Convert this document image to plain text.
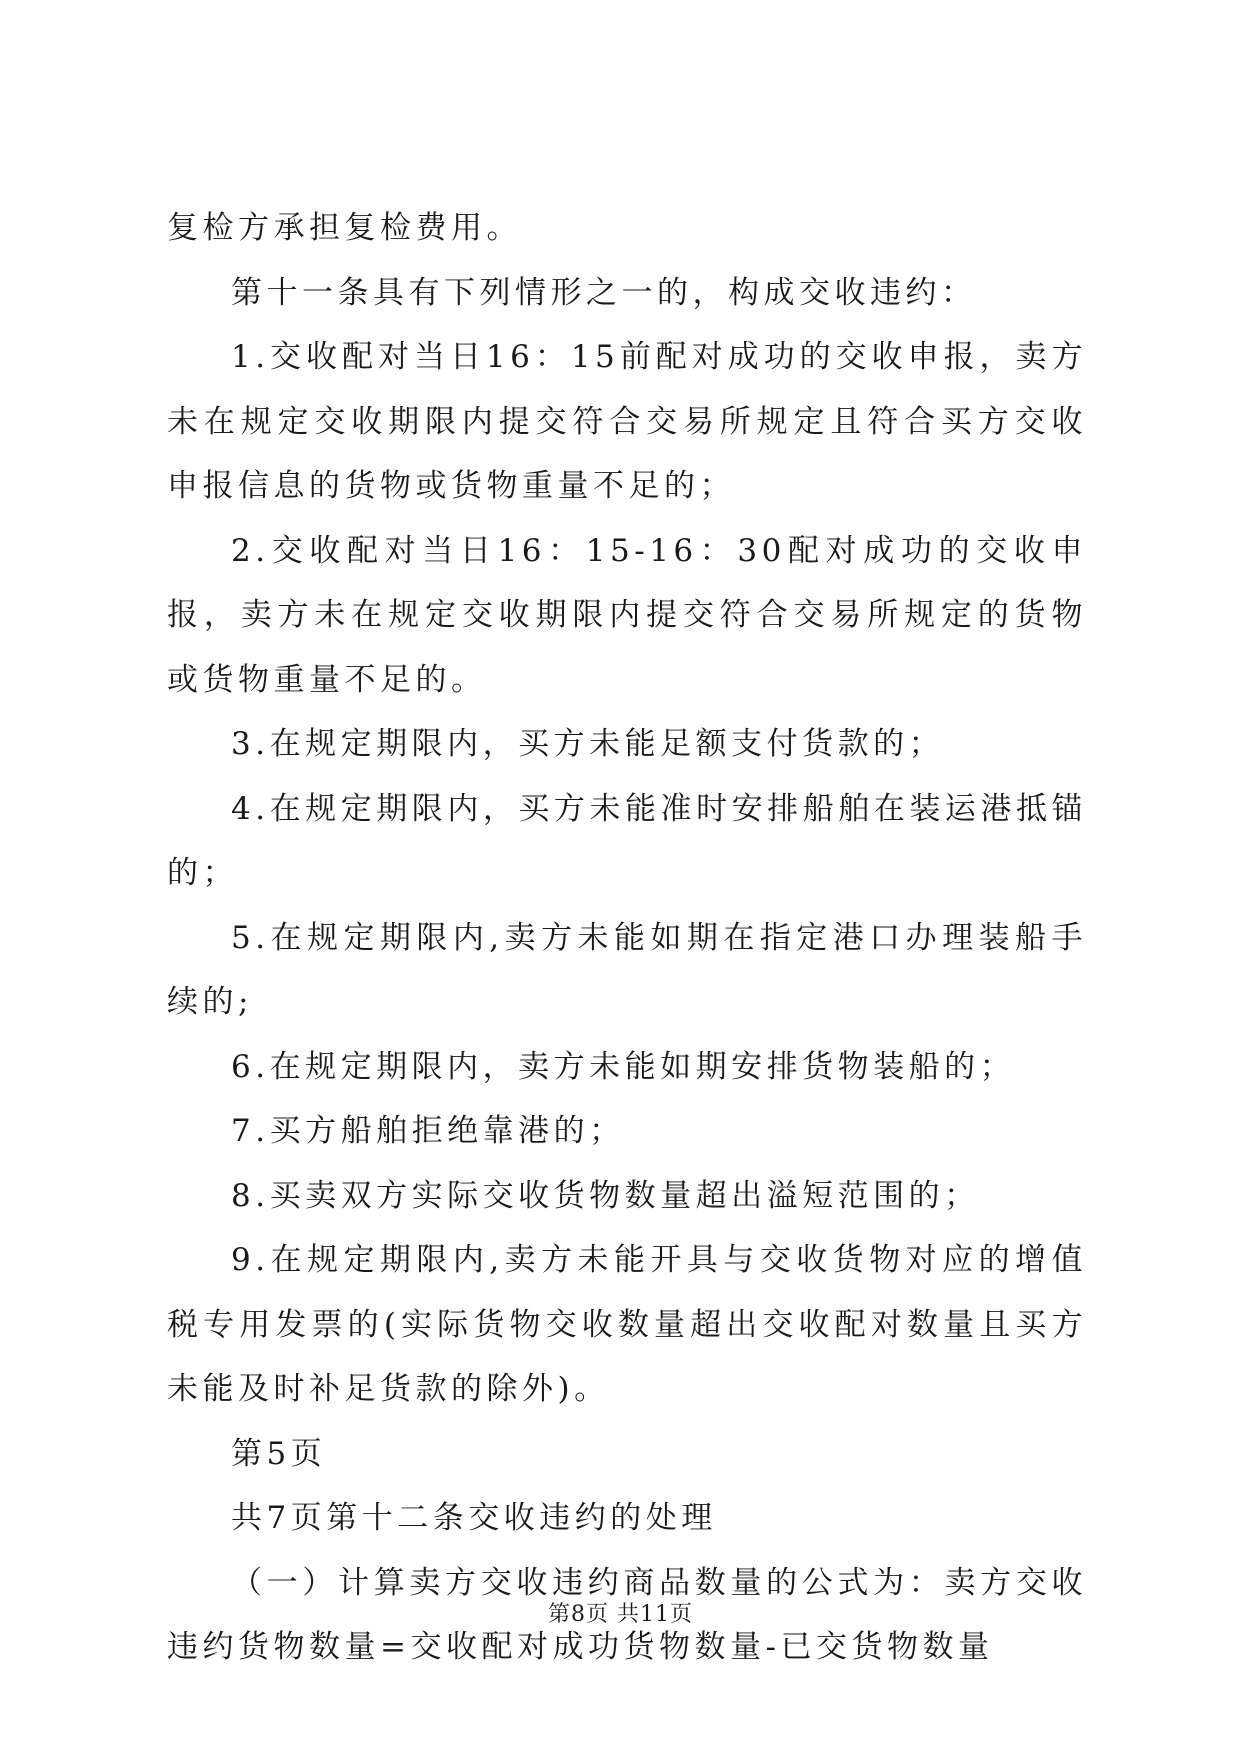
复检方承担复检费用。

第十一条具有下列情形之一的，构成交收违约：

1.交收配对当日16：15前配对成功的交收申报，卖方未在规定交收期限内提交符合交易所规定且符合买方交收申报信息的货物或货物重量不足的；

2.交收配对当日16：15-16：30配对成功的交收申报，卖方未在规定交收期限内提交符合交易所规定的货物或货物重量不足的。

3.在规定期限内，买方未能足额支付货款的；

4.在规定期限内，买方未能准时安排船舶在装运港抵锚的；

5.在规定期限内,卖方未能如期在指定港口办理装船手续的;

6.在规定期限内，卖方未能如期安排货物装船的；

7.买方船舶拒绝靠港的；

8.买卖双方实际交收货物数量超出溢短范围的；

9.在规定期限内,卖方未能开具与交收货物对应的增值税专用发票的(实际货物交收数量超出交收配对数量且买方未能及时补足货款的除外)。

第5页

共7页第十二条交收违约的处理

（一）计算卖方交收违约商品数量的公式为：卖方交收违约货物数量=交收配对成功货物数量-已交货物数量

第8页 共11页
